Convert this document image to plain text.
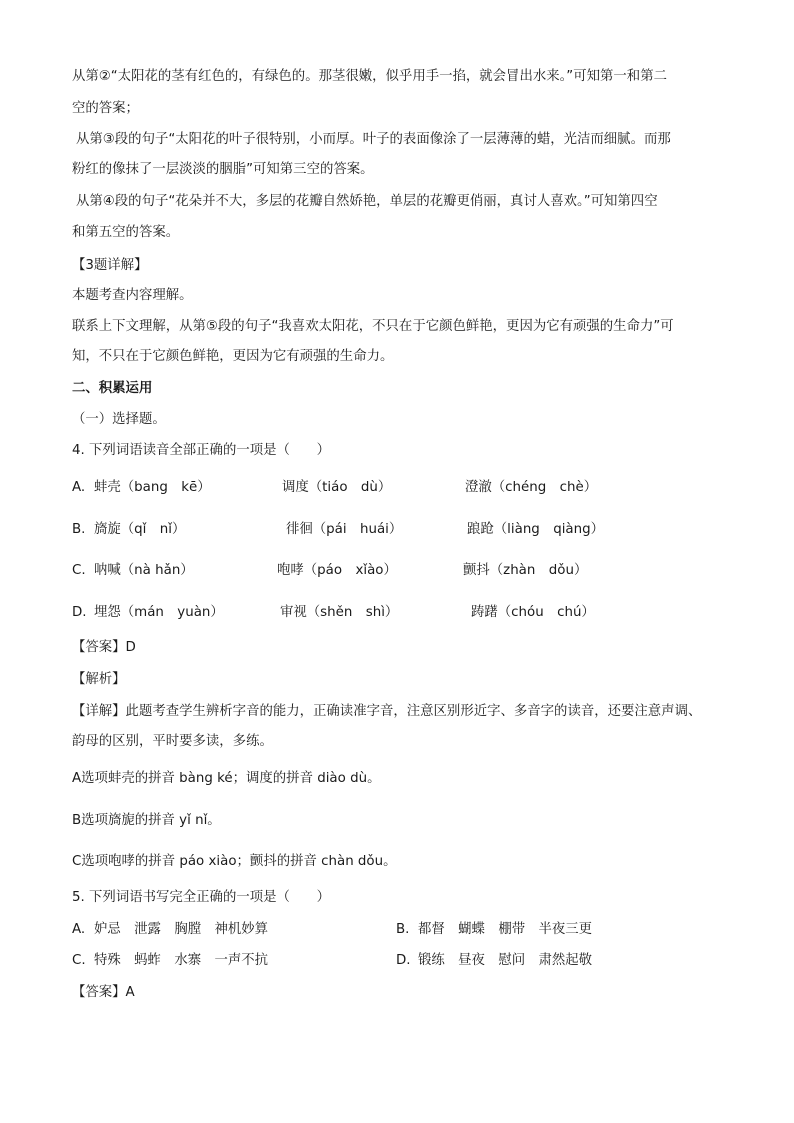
从第②“太阳花的茎有红色的，有绿色的。那茎很嫩，似乎用手一掐，就会冒出水来。”可知第一和第二
空的答案；
从第③段的句子“太阳花的叶子很特别，小而厚。叶子的表面像涂了一层薄薄的蜡，光洁而细腻。而那
粉红的像抹了一层淡淡的胭脂”可知第三空的答案。
从第④段的句子“花朵并不大，多层的花瓣自然娇艳，单层的花瓣更俏丽，真讨人喜欢。”可知第四空
和第五空的答案。
【3题详解】
本题考查内容理解。
联系上下文理解，从第⑤段的句子“我喜欢太阳花，不只在于它颜色鲜艳，更因为它有顽强的生命力”可
知，不只在于它颜色鲜艳，更因为它有顽强的生命力。
二、积累运用
（一）选择题。
4. 下列词语读音全部正确的一项是（　　）
A. 蚌壳（bang　kē）	调度（tiáo　dù）	澄澈（chéng　chè）
B. 旖旋（qǐ　nǐ）	徘徊（pái　huái）	踉跄（liàng　qiàng）
C. 呐喊（nà hǎn）	咆哮（páo　xǐào）	颤抖（zhàn　dǒu）
D. 埋怨（mán　yuàn）	审视（shěn　shì）	踌躇（chóu　chú）
【答案】D
【解析】
【详解】此题考查学生辨析字音的能力，正确读准字音，注意区别形近字、多音字的读音，还要注意声调、
韵母的区别，平时要多读，多练。
A选项蚌壳的拼音 bàng ké；调度的拼音 diào dù。
B选项旖旎的拼音 yǐ nǐ。
C选项咆哮的拼音 páo xiào；颤抖的拼音 chàn dǒu。
5. 下列词语书写完全正确的一项是（　　）
A. 妒忌　泄露　胸膛　神机妙算	B. 都督　蝴蝶　棚带　半夜三更
C. 特殊　蚂蚱　水寨　一声不抗	D. 锻练　昼夜　慰问　肃然起敬
【答案】A
